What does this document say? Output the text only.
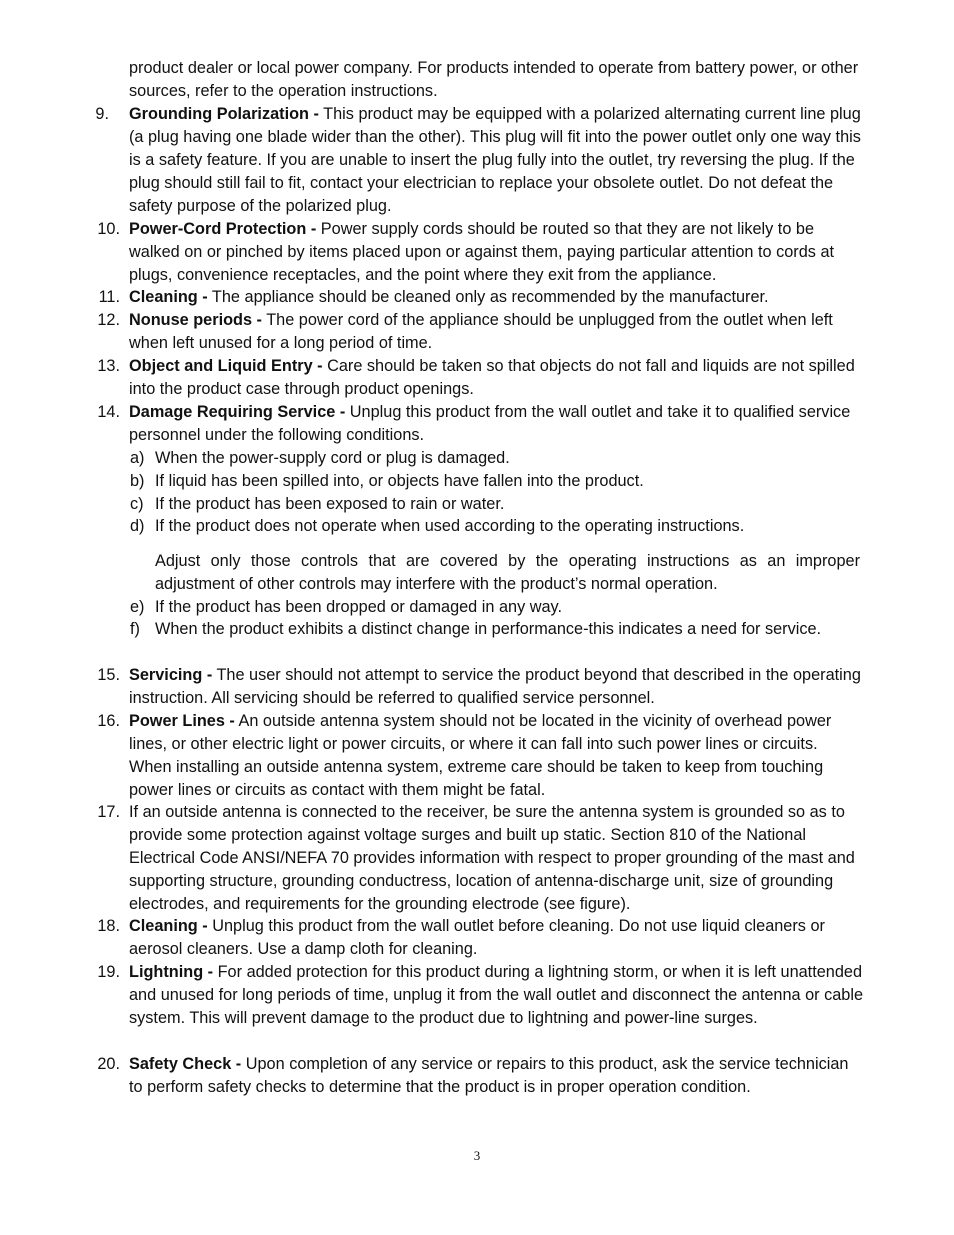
product dealer or local power company. For products intended to operate from battery power, or other sources, refer to the operation instructions.

9. Grounding Polarization - This product may be equipped with a polarized alternating current line plug (a plug having one blade wider than the other). This plug will fit into the power outlet only one way this is a safety feature. If you are unable to insert the plug fully into the outlet, try reversing the plug. If the plug should still fail to fit, contact your electrician to replace your obsolete outlet. Do not defeat the safety purpose of the polarized plug.
10. Power-Cord Protection - Power supply cords should be routed so that they are not likely to be walked on or pinched by items placed upon or against them, paying particular attention to cords at plugs, convenience receptacles, and the point where they exit from the appliance.
11. Cleaning - The appliance should be cleaned only as recommended by the manufacturer.
12. Nonuse periods - The power cord of the appliance should be unplugged from the outlet when left when left unused for a long period of time.
13. Object and Liquid Entry - Care should be taken so that objects do not fall and liquids are not spilled into the product case through product openings.
14. Damage Requiring Service - Unplug this product from the wall outlet and take it to qualified service personnel under the following conditions.
a) When the power-supply cord or plug is damaged.
b) If liquid has been spilled into, or objects have fallen into the product.
c) If the product has been exposed to rain or water.
d) If the product does not operate when used according to the operating instructions.

Adjust only those controls that are covered by the operating instructions as an improper adjustment of other controls may interfere with the product’s normal operation.

e) If the product has been dropped or damaged in any way.
f) When the product exhibits a distinct change in performance-this indicates a need for service.
15. Servicing - The user should not attempt to service the product beyond that described in the operating instruction. All servicing should be referred to qualified service personnel.
16. Power Lines - An outside antenna system should not be located in the vicinity of overhead power lines, or other electric light or power circuits, or where it can fall into such power lines or circuits. When installing an outside antenna system, extreme care should be taken to keep from touching power lines or circuits as contact with them might be fatal.
17. If an outside antenna is connected to the receiver, be sure the antenna system is grounded so as to provide some protection against voltage surges and built up static. Section 810 of the National Electrical Code ANSI/NEFA 70 provides information with respect to proper grounding of the mast and supporting structure, grounding conductress, location of antenna-discharge unit, size of grounding electrodes, and requirements for the grounding electrode (see figure).
18. Cleaning - Unplug this product from the wall outlet before cleaning. Do not use liquid cleaners or aerosol cleaners. Use a damp cloth for cleaning.
19. Lightning - For added protection for this product during a lightning storm, or when it is left unattended and unused for long periods of time, unplug it from the wall outlet and disconnect the antenna or cable system. This will prevent damage to the product due to lightning and power-line surges.
20. Safety Check - Upon completion of any service or repairs to this product, ask the service technician to perform safety checks to determine that the product is in proper operation condition.
3
